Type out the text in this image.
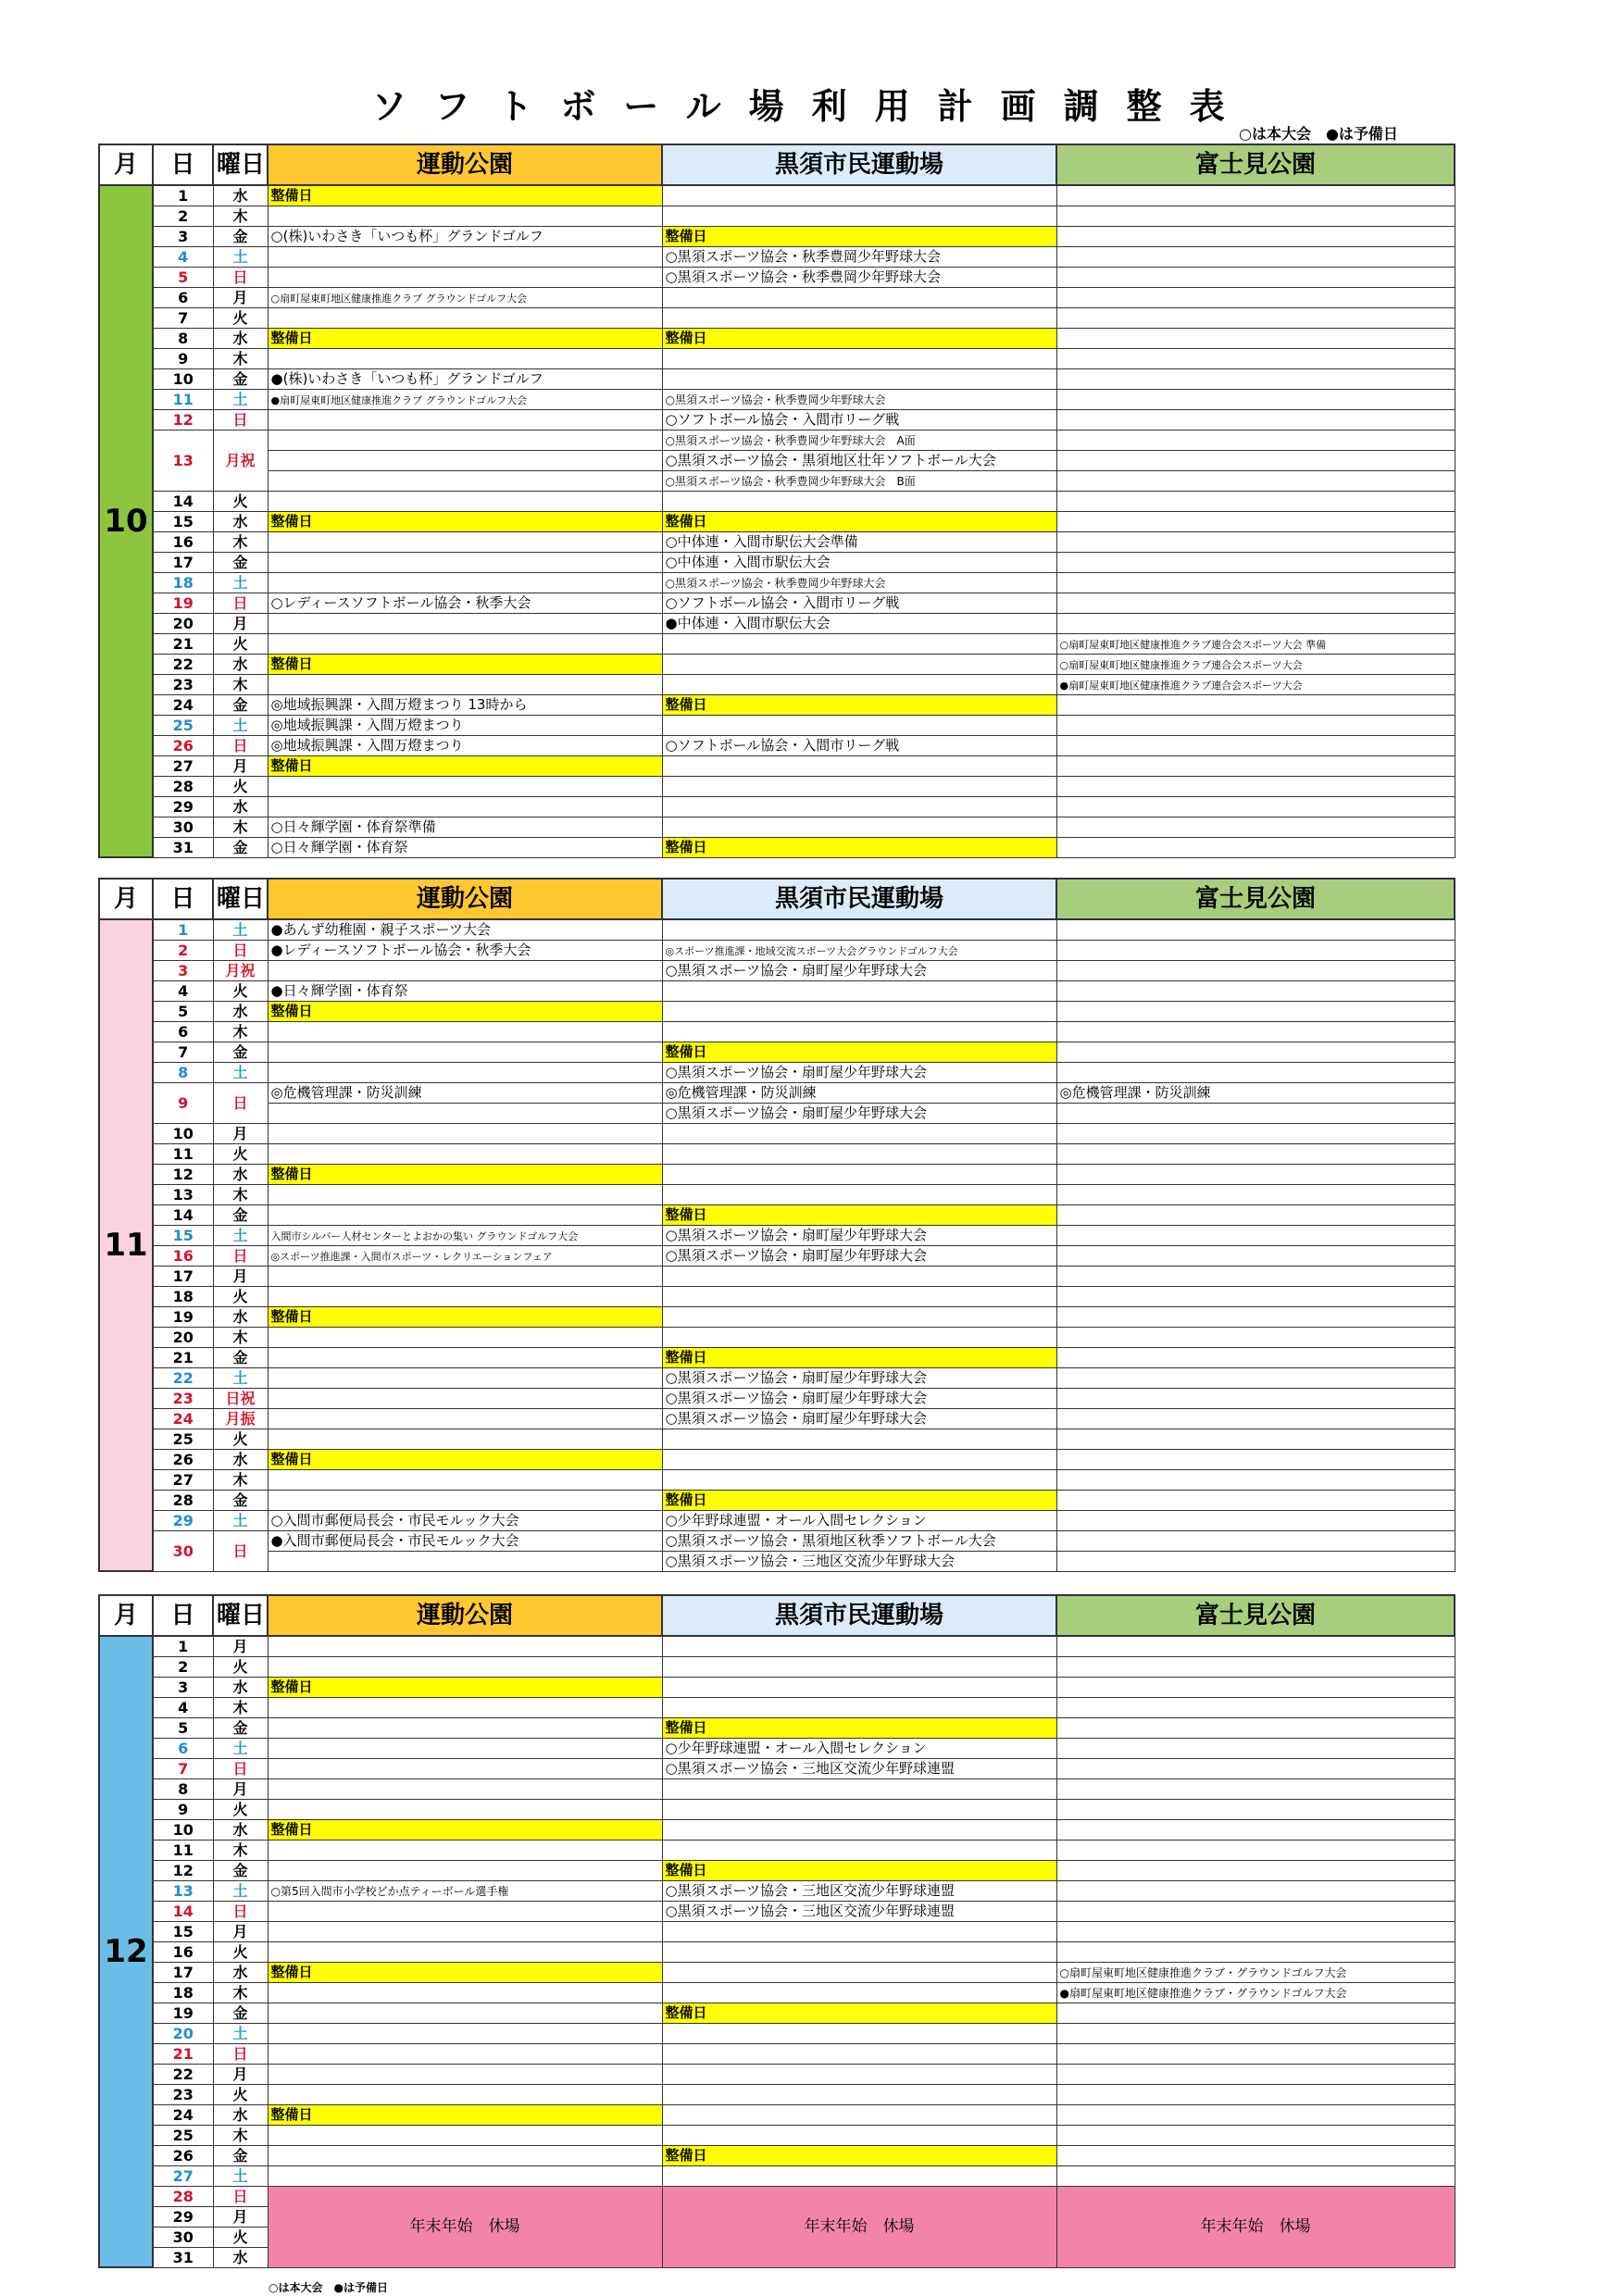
ソフトボール場利用計画調整表
○は本大会　●は予備日
月	日	曜日	運動公園	黒須市民運動場	富士見公園
10	1	水	整備日		
	2	木			
	3	金	○(株)いわさき「いつも杯」グランドゴルフ	整備日	
	4	土		○黒須スポーツ協会・秋季豊岡少年野球大会	
	5	日		○黒須スポーツ協会・秋季豊岡少年野球大会	
	6	月	○扇町屋東町地区健康推進クラブ グラウンドゴルフ大会		
	7	火			
	8	水	整備日	整備日	
	9	木			
	10	金	●(株)いわさき「いつも杯」グランドゴルフ		
	11	土	●扇町屋東町地区健康推進クラブ グラウンドゴルフ大会	○黒須スポーツ協会・秋季豊岡少年野球大会	
	12	日		○ソフトボール協会・入間市リーグ戦	
	13	月祝		○黒須スポーツ協会・秋季豊岡少年野球大会　A面	
				○黒須スポーツ協会・黒須地区壮年ソフトボール大会	
				○黒須スポーツ協会・秋季豊岡少年野球大会　B面	
	14	火			
	15	水	整備日	整備日	
	16	木		○中体連・入間市駅伝大会準備	
	17	金		○中体連・入間市駅伝大会	
	18	土		○黒須スポーツ協会・秋季豊岡少年野球大会	
	19	日	○レディースソフトボール協会・秋季大会	○ソフトボール協会・入間市リーグ戦	
	20	月		●中体連・入間市駅伝大会	
	21	火			○扇町屋東町地区健康推進クラブ連合会スポーツ大会 準備
	22	水	整備日		○扇町屋東町地区健康推進クラブ連合会スポーツ大会
	23	木			●扇町屋東町地区健康推進クラブ連合会スポーツ大会
	24	金	◎地域振興課・入間万燈まつり 13時から	整備日	
	25	土	◎地域振興課・入間万燈まつり		
	26	日	◎地域振興課・入間万燈まつり	○ソフトボール協会・入間市リーグ戦	
	27	月	整備日		
	28	火			
	29	水			
	30	木	○日々輝学園・体育祭準備		
	31	金	○日々輝学園・体育祭	整備日	
月	日	曜日	運動公園	黒須市民運動場	富士見公園
11	1	土	●あんず幼稚園・親子スポーツ大会		
	2	日	●レディースソフトボール協会・秋季大会	◎スポーツ推進課・地域交流スポーツ大会グラウンドゴルフ大会	
	3	月祝		○黒須スポーツ協会・扇町屋少年野球大会	
	4	火	●日々輝学園・体育祭		
	5	水	整備日		
	6	木			
	7	金		整備日	
	8	土		○黒須スポーツ協会・扇町屋少年野球大会	
	9	日	◎危機管理課・防災訓練	◎危機管理課・防災訓練	◎危機管理課・防災訓練
				○黒須スポーツ協会・扇町屋少年野球大会	
	10	月			
	11	火			
	12	水	整備日		
	13	木			
	14	金		整備日	
	15	土	入間市シルバー人材センターとよおかの集い グラウンドゴルフ大会	○黒須スポーツ協会・扇町屋少年野球大会	
	16	日	◎スポーツ推進課・入間市スポーツ・レクリエーションフェア	○黒須スポーツ協会・扇町屋少年野球大会	
	17	月			
	18	火			
	19	水	整備日		
	20	木			
	21	金		整備日	
	22	土		○黒須スポーツ協会・扇町屋少年野球大会	
	23	日祝		○黒須スポーツ協会・扇町屋少年野球大会	
	24	月振		○黒須スポーツ協会・扇町屋少年野球大会	
	25	火			
	26	水	整備日		
	27	木			
	28	金		整備日	
	29	土	○入間市郵便局長会・市民モルック大会	○少年野球連盟・オール入間セレクション	
	30	日	●入間市郵便局長会・市民モルック大会	○黒須スポーツ協会・黒須地区秋季ソフトボール大会	
				○黒須スポーツ協会・三地区交流少年野球大会	
月	日	曜日	運動公園	黒須市民運動場	富士見公園
12	1	月			
	2	火			
	3	水	整備日		
	4	木			
	5	金		整備日	
	6	土		○少年野球連盟・オール入間セレクション	
	7	日		○黒須スポーツ協会・三地区交流少年野球連盟	
	8	月			
	9	火			
	10	水	整備日		
	11	木			
	12	金		整備日	
	13	土	○第5回入間市小学校どか点ティーボール選手権	○黒須スポーツ協会・三地区交流少年野球連盟	
	14	日		○黒須スポーツ協会・三地区交流少年野球連盟	
	15	月			
	16	火			
	17	水	整備日		○扇町屋東町地区健康推進クラブ・グラウンドゴルフ大会
	18	木			●扇町屋東町地区健康推進クラブ・グラウンドゴルフ大会
	19	金		整備日	
	20	土			
	21	日			
	22	月			
	23	火			
	24	水	整備日		
	25	木			
	26	金		整備日	
	27	土			
	28	日	年末年始　休場	年末年始　休場	年末年始　休場
	29	月			
	30	火			
	31	水			
○は本大会　●は予備日
